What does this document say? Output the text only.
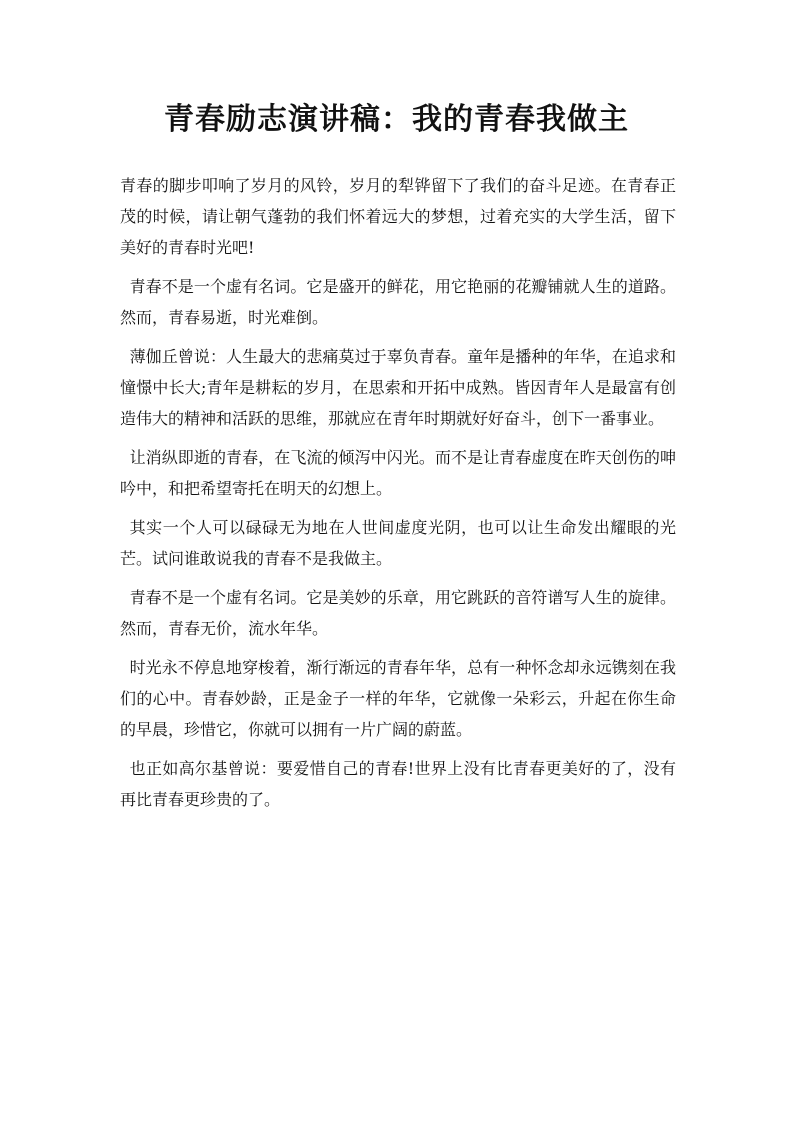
青春励志演讲稿：我的青春我做主

青春的脚步叩响了岁月的风铃，岁月的犁铧留下了我们的奋斗足迹。在青春正茂的时候，请让朝气蓬勃的我们怀着远大的梦想，过着充实的大学生活，留下美好的青春时光吧!

青春不是一个虚有名词。它是盛开的鲜花，用它艳丽的花瓣铺就人生的道路。然而，青春易逝，时光难倒。

薄伽丘曾说：人生最大的悲痛莫过于辜负青春。童年是播种的年华，在追求和憧憬中长大;青年是耕耘的岁月，在思索和开拓中成熟。皆因青年人是最富有创造伟大的精神和活跃的思维，那就应在青年时期就好好奋斗，创下一番事业。

让消纵即逝的青春，在飞流的倾泻中闪光。而不是让青春虚度在昨天创伤的呻吟中，和把希望寄托在明天的幻想上。

其实一个人可以碌碌无为地在人世间虚度光阴，也可以让生命发出耀眼的光芒。试问谁敢说我的青春不是我做主。

青春不是一个虚有名词。它是美妙的乐章，用它跳跃的音符谱写人生的旋律。然而，青春无价，流水年华。

时光永不停息地穿梭着，渐行渐远的青春年华，总有一种怀念却永远镌刻在我们的心中。青春妙龄，正是金子一样的年华，它就像一朵彩云，升起在你生命的早晨，珍惜它，你就可以拥有一片广阔的蔚蓝。

也正如高尔基曾说：要爱惜自己的青春!世界上没有比青春更美好的了，没有再比青春更珍贵的了。
